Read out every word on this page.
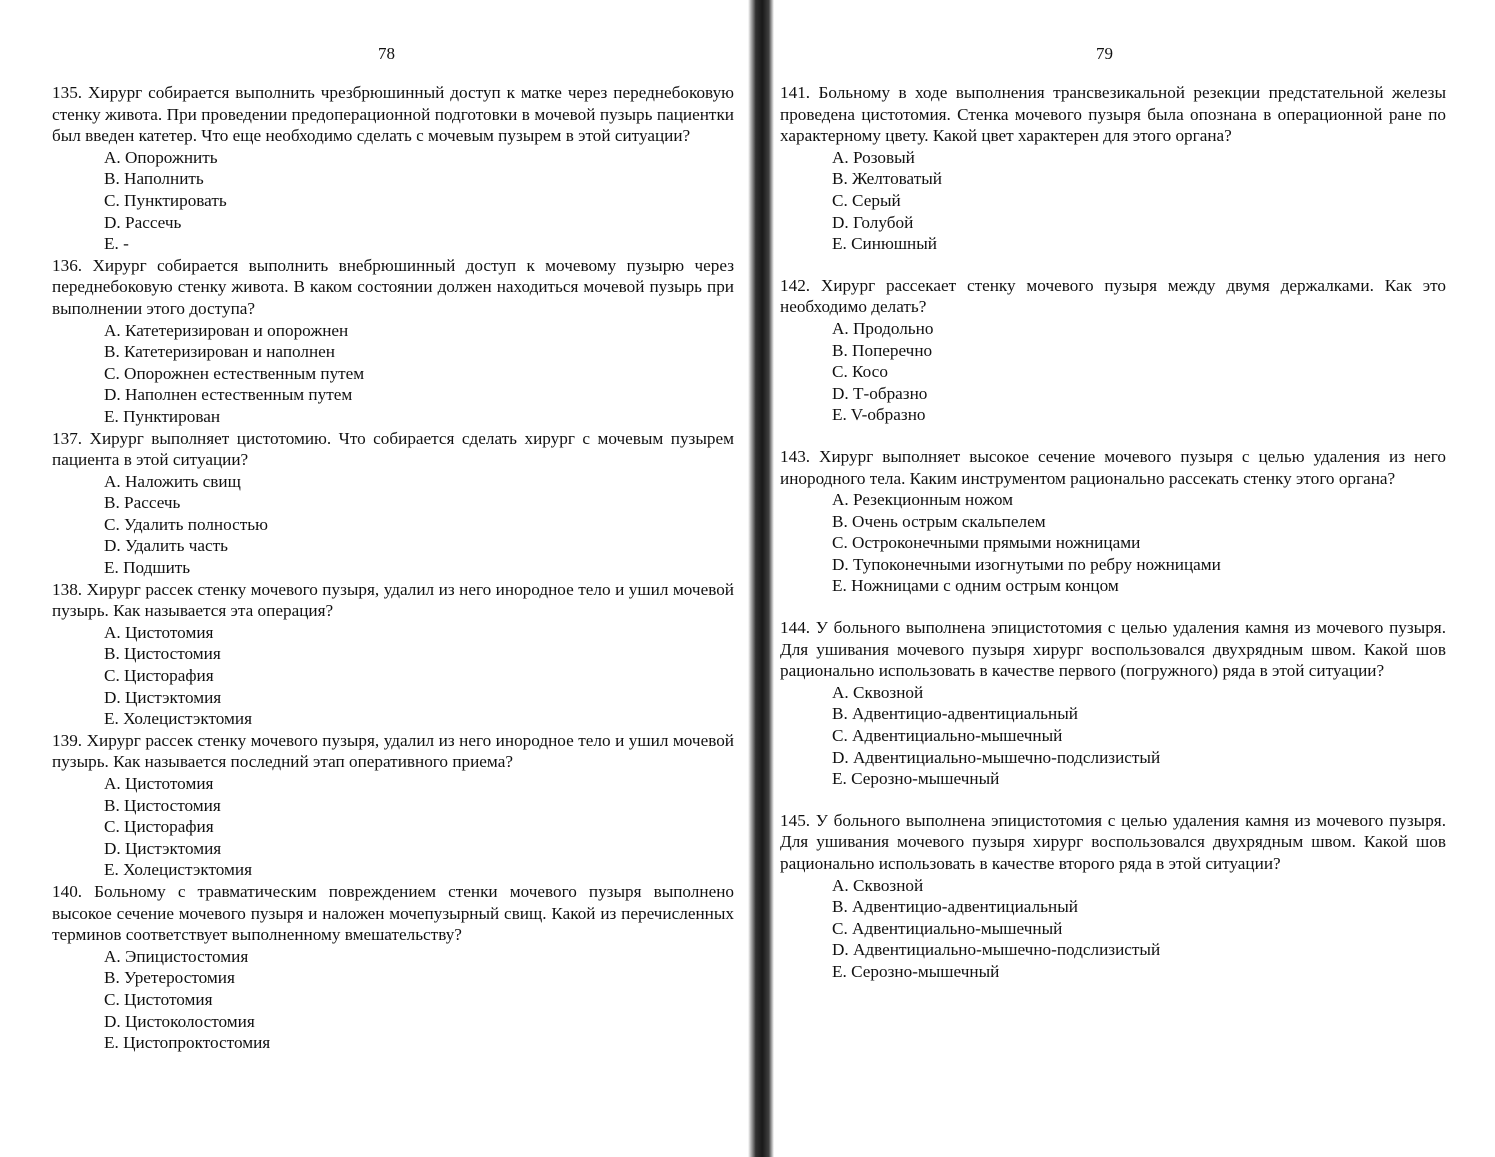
78

135. Хирург собирается выполнить чрезбрюшинный доступ к матке через переднебоковую стенку живота. При проведении предоперационной подготовки в мочевой пузырь пациентки был введен катетер. Что еще необходимо сделать с мочевым пузырем в этой ситуации?

A. Опорожнить
B. Наполнить
C. Пунктировать
D. Рассечь
E. -

136. Хирург собирается выполнить внебрюшинный доступ к мочевому пузырю через переднебоковую стенку живота. В каком состоянии должен находиться мочевой пузырь при выполнении этого доступа?

A. Катетеризирован и опорожнен
B. Катетеризирован и наполнен
C. Опорожнен естественным путем
D. Наполнен естественным путем
E. Пунктирован

137. Хирург выполняет цистотомию. Что собирается сделать хирург с мочевым пузырем пациента в этой ситуации?

A. Наложить свищ
B. Рассечь
C. Удалить полностью
D. Удалить часть
E. Подшить

138. Хирург рассек стенку мочевого пузыря, удалил из него инородное тело и ушил мочевой пузырь. Как называется эта операция?

A. Цистотомия
B. Цистостомия
C. Цисторафия
D. Цистэктомия
E. Холецистэктомия

139. Хирург рассек стенку мочевого пузыря, удалил из него инородное тело и ушил мочевой пузырь. Как называется последний этап оперативного приема?

A. Цистотомия
B. Цистостомия
C. Цисторафия
D. Цистэктомия
E. Холецистэктомия

140. Больному с травматическим повреждением стенки мочевого пузыря выполнено высокое сечение мочевого пузыря и наложен мочепузырный свищ. Какой из перечисленных терминов соответствует выполненному вмешательству?

A. Эпицистостомия
B. Уретеростомия
C. Цистотомия
D. Цистоколостомия
E. Цистопроктостомия
79

141. Больному в ходе выполнения трансвезикальной резекции предстательной железы проведена цистотомия. Стенка мочевого пузыря была опознана в операционной ране по характерному цвету. Какой цвет характерен для этого органа?

A. Розовый
B. Желтоватый
C. Серый
D. Голубой
E. Синюшный

142. Хирург рассекает стенку мочевого пузыря между двумя держалками. Как это необходимо делать?

A. Продольно
B. Поперечно
C. Косо
D. Т-образно
E. V-образно

143. Хирург выполняет высокое сечение мочевого пузыря с целью удаления из него инородного тела. Каким инструментом рационально рассекать стенку этого органа?

A. Резекционным ножом
B. Очень острым скальпелем
C. Остроконечными прямыми ножницами
D. Тупоконечными изогнутыми по ребру ножницами
E. Ножницами с одним острым концом

144. У больного выполнена эпицистотомия с целью удаления камня из мочевого пузыря. Для ушивания мочевого пузыря хирург воспользовался двухрядным швом. Какой шов рационально использовать в качестве первого (погружного) ряда в этой ситуации?

A. Сквозной
B. Адвентицио-адвентициальный
C. Адвентициально-мышечный
D. Адвентициально-мышечно-подслизистый
E. Серозно-мышечный

145. У больного выполнена эпицистотомия с целью удаления камня из мочевого пузыря. Для ушивания мочевого пузыря хирург воспользовался двухрядным швом. Какой шов рационально использовать в качестве второго ряда в этой ситуации?

A. Сквозной
B. Адвентицио-адвентициальный
C. Адвентициально-мышечный
D. Адвентициально-мышечно-подслизистый
E. Серозно-мышечный
